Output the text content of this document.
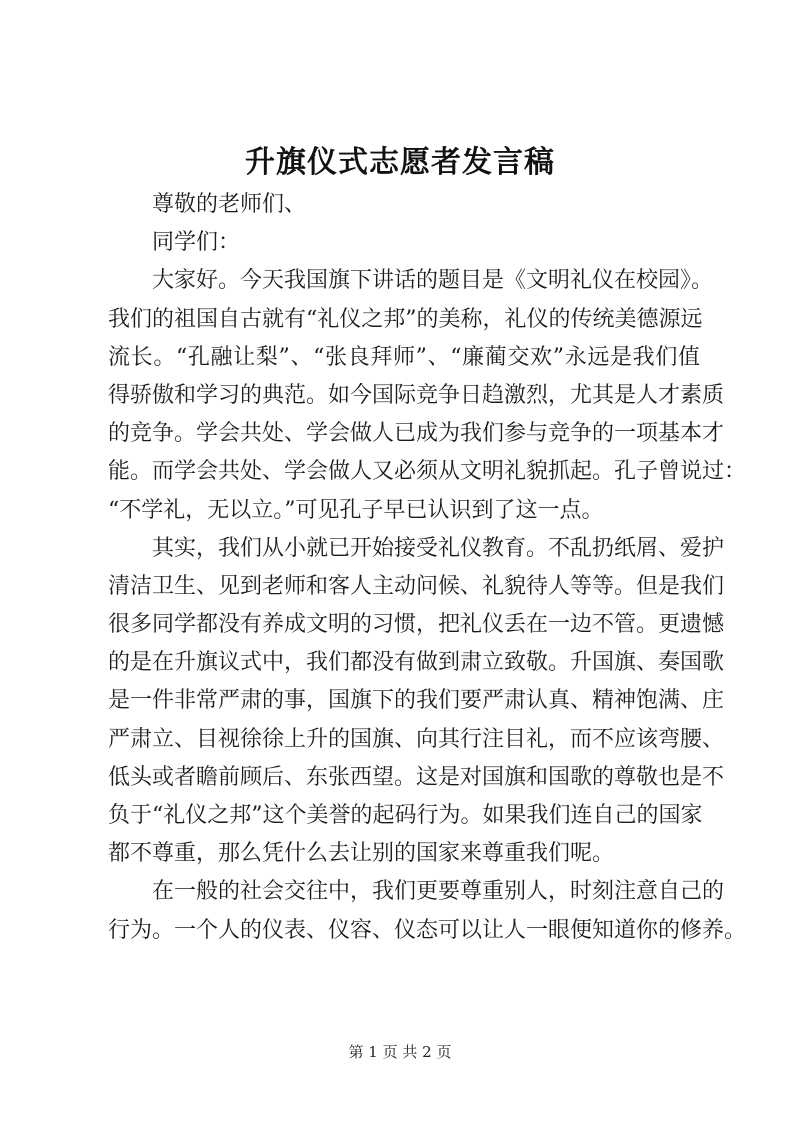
升旗仪式志愿者发言稿
尊敬的老师们、
同学们：
大家好。今天我国旗下讲话的题目是《文明礼仪在校园》。
我们的祖国自古就有“礼仪之邦”的美称，礼仪的传统美德源远
流长。“孔融让梨”、“张良拜师”、“廉蔺交欢”永远是我们值
得骄傲和学习的典范。如今国际竞争日趋激烈，尤其是人才素质
的竞争。学会共处、学会做人已成为我们参与竞争的一项基本才
能。而学会共处、学会做人又必须从文明礼貌抓起。孔子曾说过：
“不学礼，无以立。”可见孔子早已认识到了这一点。
其实，我们从小就已开始接受礼仪教育。不乱扔纸屑、爱护
清洁卫生、见到老师和客人主动问候、礼貌待人等等。但是我们
很多同学都没有养成文明的习惯，把礼仪丢在一边不管。更遗憾
的是在升旗议式中，我们都没有做到肃立致敬。升国旗、奏国歌
是一件非常严肃的事，国旗下的我们要严肃认真、精神饱满、庄
严肃立、目视徐徐上升的国旗、向其行注目礼，而不应该弯腰、
低头或者瞻前顾后、东张西望。这是对国旗和国歌的尊敬也是不
负于“礼仪之邦”这个美誉的起码行为。如果我们连自己的国家
都不尊重，那么凭什么去让别的国家来尊重我们呢。
在一般的社会交往中，我们更要尊重别人，时刻注意自己的
行为。一个人的仪表、仪容、仪态可以让人一眼便知道你的修养。
第 1 页 共 2 页
